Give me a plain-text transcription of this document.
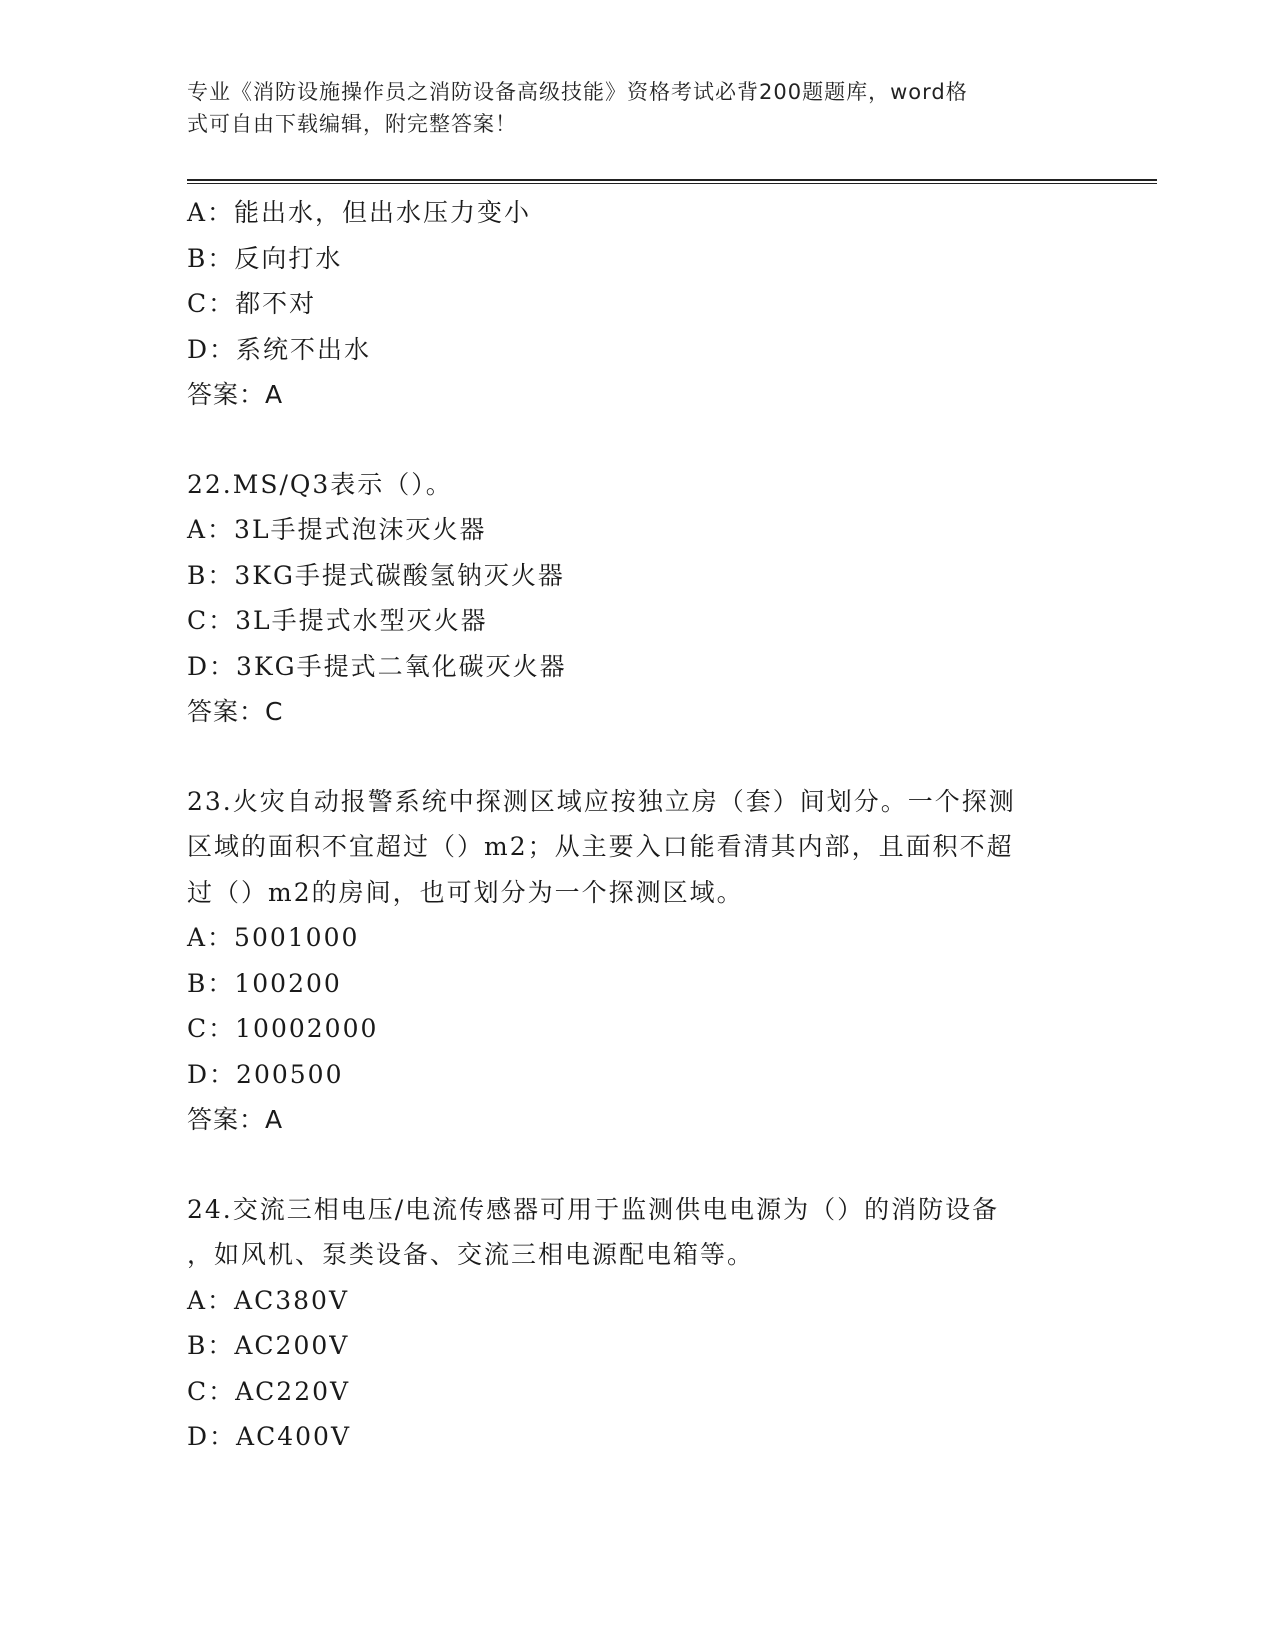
专业《消防设施操作员之消防设备高级技能》资格考试必背200题题库，word格
式可自由下载编辑，附完整答案！
A：能出水，但出水压力变小
B：反向打水
C：都不对
D：系统不出水
答案：A
22.MS/Q3表示（）。
A：3L手提式泡沫灭火器
B：3KG手提式碳酸氢钠灭火器
C：3L手提式水型灭火器
D：3KG手提式二氧化碳灭火器
答案：C
23.火灾自动报警系统中探测区域应按独立房（套）间划分。一个探测
区域的面积不宜超过（）m2；从主要入口能看清其内部，且面积不超
过（）m2的房间，也可划分为一个探测区域。
A：5001000
B：100200
C：10002000
D：200500
答案：A
24.交流三相电压/电流传感器可用于监测供电电源为（）的消防设备
，如风机、泵类设备、交流三相电源配电箱等。
A：AC380V
B：AC200V
C：AC220V
D：AC400V
